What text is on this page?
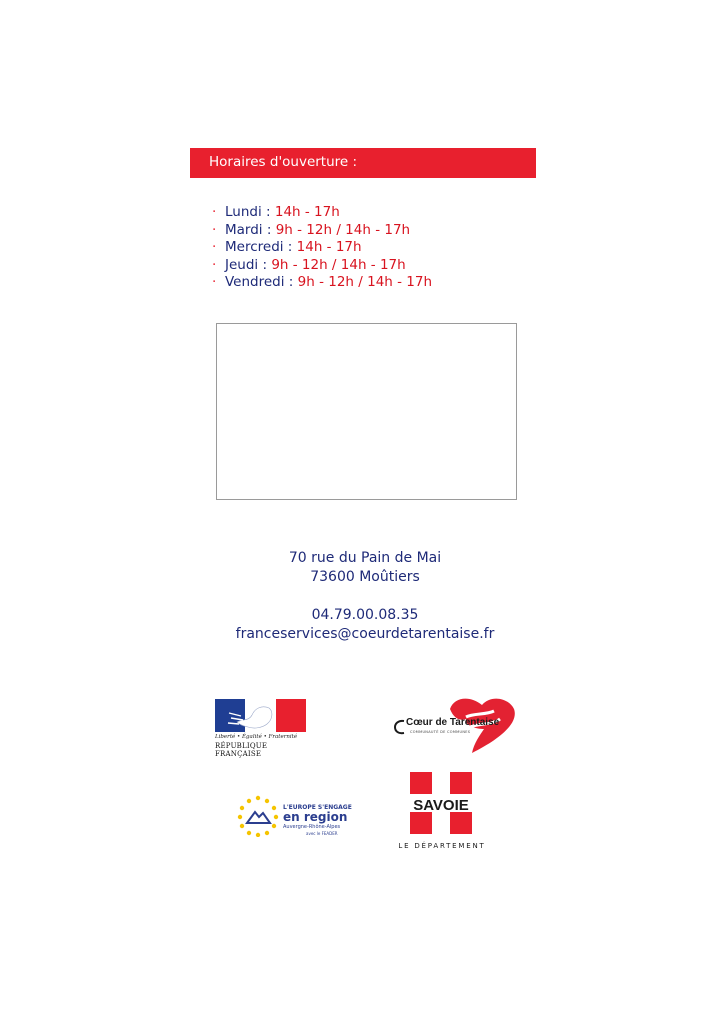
Horaires d'ouverture :
· Lundi : 14h - 17h
· Mardi : 9h - 12h / 14h - 17h
· Mercredi : 14h - 17h
· Jeudi : 9h - 12h / 14h - 17h
· Vendredi : 9h - 12h / 14h - 17h
70 rue du Pain de Mai
73600 Moûtiers
04.79.00.08.35
franceservices@coeurdetarentaise.fr
Liberté • Égalité • Fraternité
RÉPUBLIQUE FRANÇAISE
Cœur de Tarentaise
COMMUNAUTÉ DE COMMUNES
L'EUROPE S'ENGAGE
en region
Auvergne-Rhône-Alpes
avec le FEADER
SAVOIE
LE DÉPARTEMENT
